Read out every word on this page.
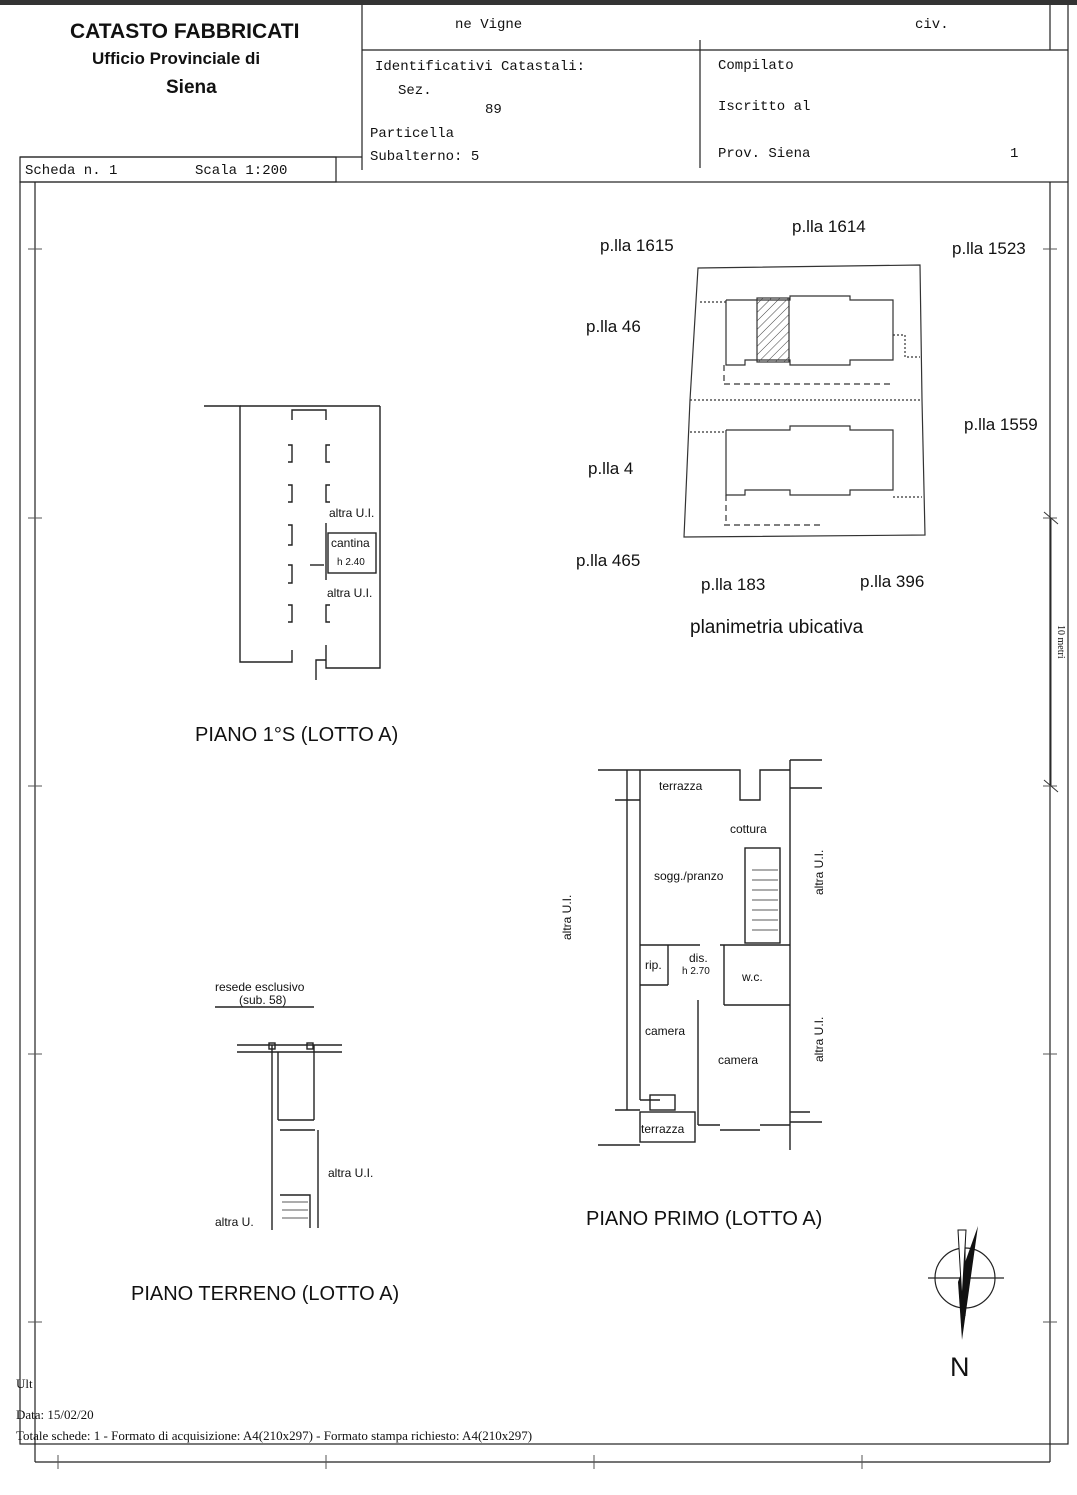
CATASTO FABBRICATI
Ufficio Provinciale di
Siena
ne Vigne	civ.
Identificativi Catastali:
Sez.
89
Particella
Subalterno: 5
Compilato
Iscritto al
Prov. Siena	1
Scheda n. 1	Scala 1:200
p.lla 1615
p.lla 1614
p.lla 1523
p.lla 46
p.lla 1559
p.lla 4
p.lla 465
p.lla 183	p.lla 396
planimetria ubicativa
altra U.I.
cantina
h 2.40
altra U.I.
PIANO 1°S (LOTTO A)
terrazza
cottura
sogg./pranzo
altra U.I.
altra U.I.
altra U.I.
rip. dis.
h 2.70	w.c.
camera
camera
terrazza
PIANO PRIMO (LOTTO A)
resede esclusivo
(sub. 58)
altra U.I.
altra U.
PIANO TERRENO (LOTTO A)
N
10 metri
Ult
Data: 15/02/20
Totale schede: 1 - Formato di acquisizione: A4(210x297) - Formato stampa richiesto: A4(210x297)
